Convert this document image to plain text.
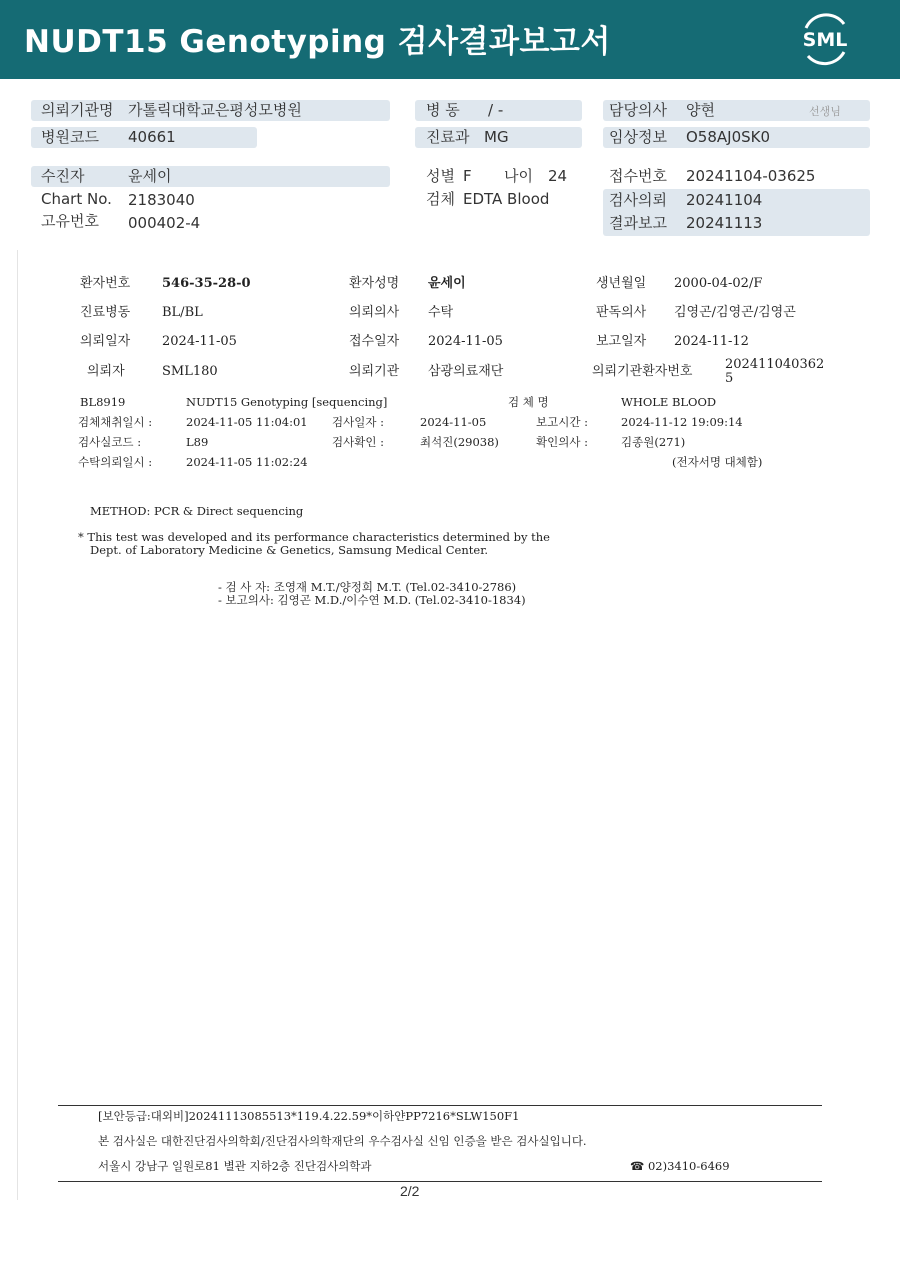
NUDT15 Genotyping 검사결과보고서	SML
의뢰기관명 가톨릭대학교은평성모병원	병 동 / -	담당의사 양현	선생님
병원코드 40661	진료과 MG	임상정보 O58AJ0SK0
수진자	윤세이	성별 F 나이 24	접수번호 20241104-03625
Chart No. 2183040	검체 EDTA Blood	검사의뢰 20241104
고유번호 000402-4	결과보고 20241113
환자번호 546-35-28-0	환자성명 윤세이	생년월일 2000-04-02/F
진료병동 BL/BL	의뢰의사 수탁	판독의사 김영곤/김영곤/김영곤
의뢰일자 2024-11-05	접수일자 2024-11-05	보고일자 2024-11-12
의뢰자	SML180	의뢰기관 삼광의료재단	의뢰기관환자번호	202411040362
5
BL8919	NUDT15 Genotyping [sequencing]	검 체 명	WHOLE BLOOD
검체채취일시 :	2024-11-05 11:04:01 검사일자 :	2024-11-05	보고시간 :	2024-11-12 19:09:14
검사실코드 :	L89	검사확인 :	최석진(29038)	확인의사 :	김종원(271)
수탁의뢰일시 :	2024-11-05 11:02:24	(전자서명 대체함)
METHOD: PCR & Direct sequencing
* This test was developed and its performance characteristics determined by the
Dept. of Laboratory Medicine & Genetics, Samsung Medical Center.
- 검 사 자: 조영재 M.T./양정희 M.T. (Tel.02-3410-2786)
- 보고의사: 김영곤 M.D./이수연 M.D. (Tel.02-3410-1834)
[보안등급:대외비]20241113085513*119.4.22.59*이하얀PP7216*SLW150F1
본 검사실은 대한진단검사의학회/진단검사의학재단의 우수검사실 신임 인증을 받은 검사실입니다.
서울시 강남구 일원로81 별관 지하2층 진단검사의학과	☎ 02)3410-6469
2/2
